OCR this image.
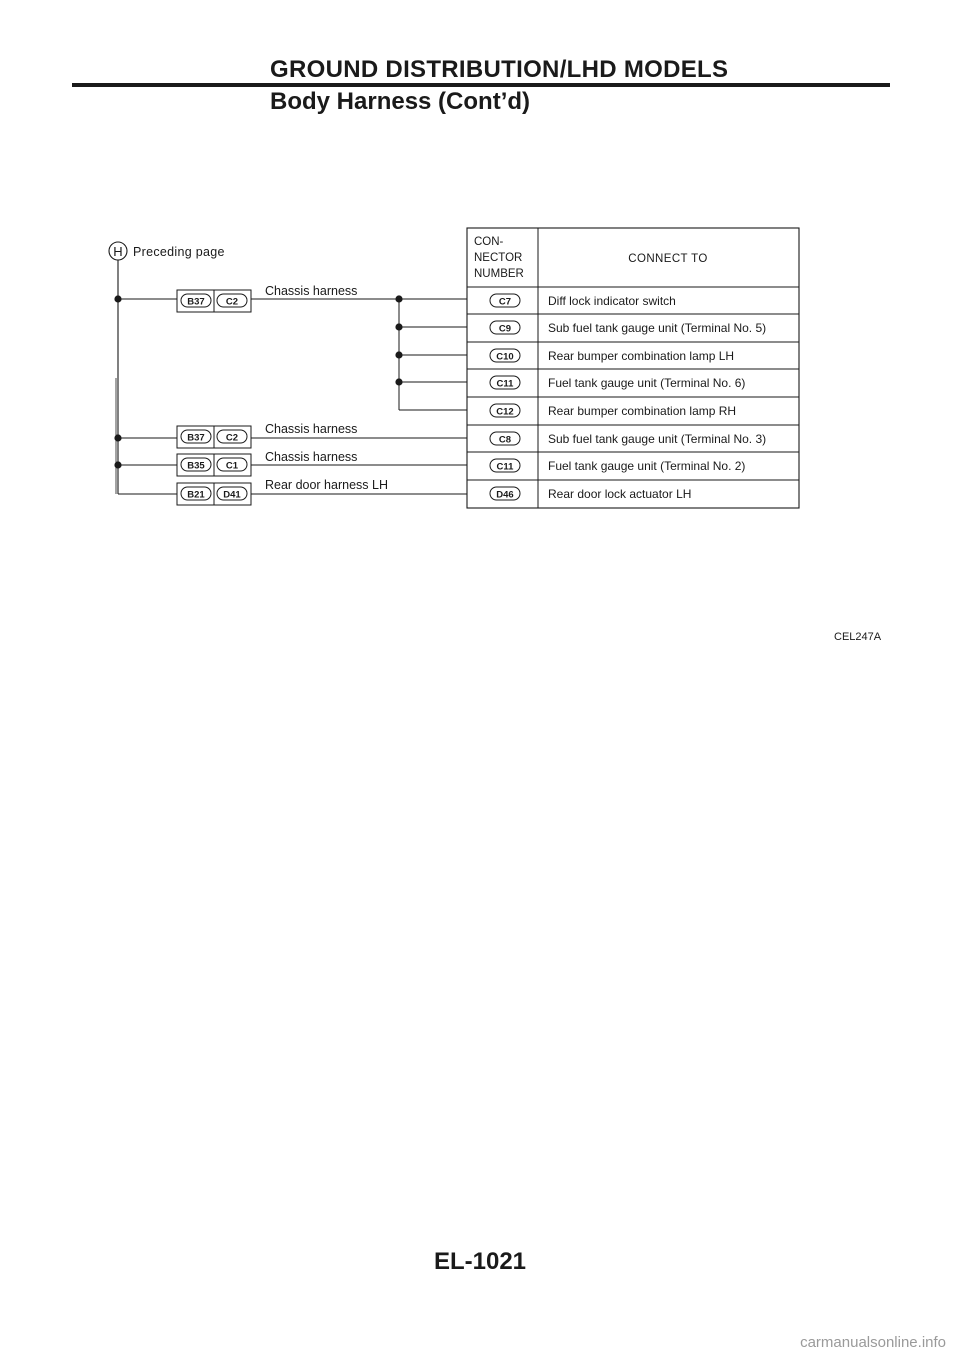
GROUND DISTRIBUTION/LHD MODELS
Body Harness (Cont’d)
H Preceding page
B37 C2
Chassis harness
B37 C2
Chassis harness
B35 C1
Chassis harness
B21 D41
Rear door harness LH
CON-
NECTOR
NUMBER
CONNECT TO
C7	Diff lock indicator switch
C9	Sub fuel tank gauge unit (Terminal No. 5)
C10	Rear bumper combination lamp LH
C11	Fuel tank gauge unit (Terminal No. 6)
C12	Rear bumper combination lamp RH
C8	Sub fuel tank gauge unit (Terminal No. 3)
C11	Fuel tank gauge unit (Terminal No. 2)
D46	Rear door lock actuator LH
CEL247A
EL-1021
carmanualsonline.info
